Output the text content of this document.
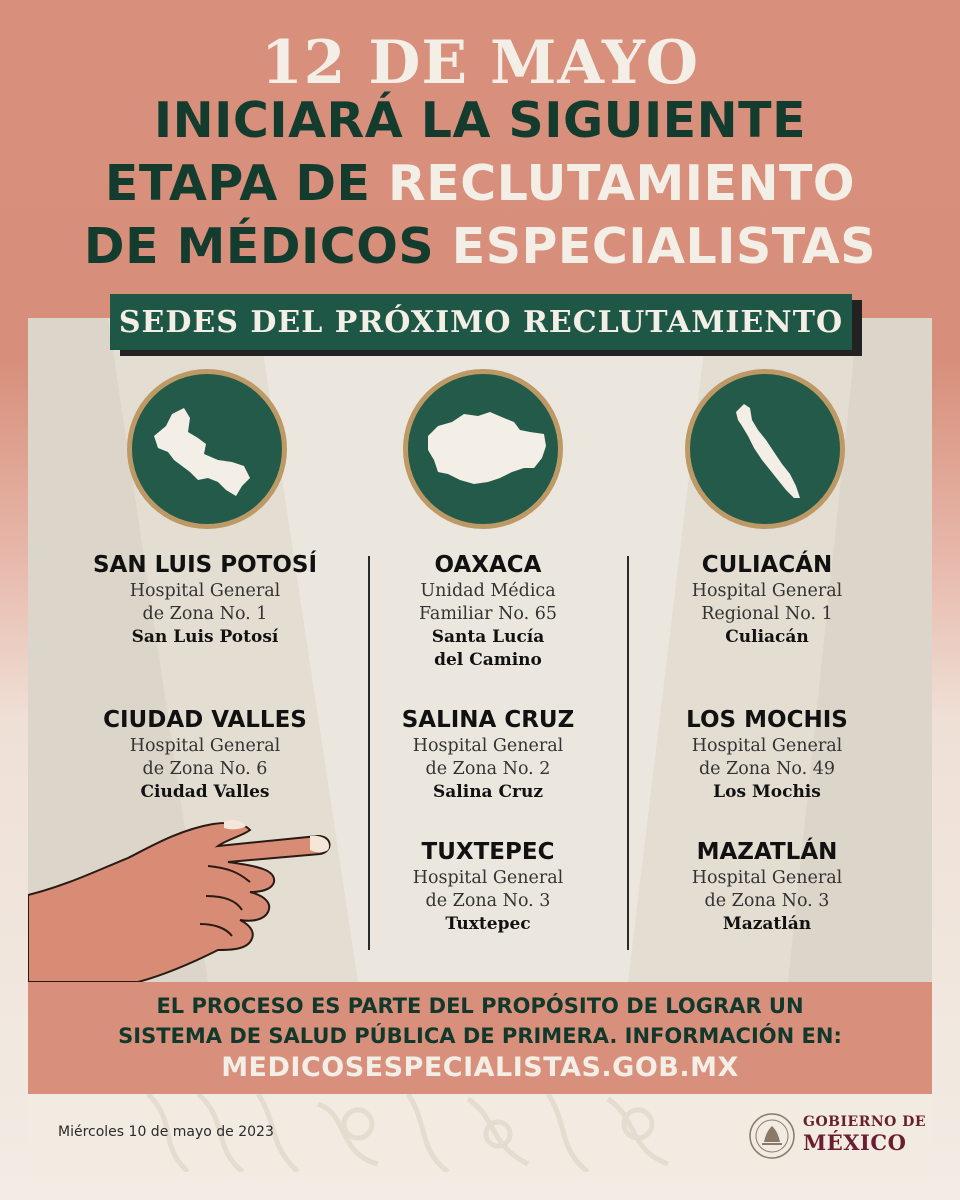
12 DE MAYO
INICIARÁ LA SIGUIENTE
ETAPA DE RECLUTAMIENTO
DE MÉDICOS ESPECIALISTAS
SEDES DEL PRÓXIMO RECLUTAMIENTO
SAN LUIS POTOSÍ
Hospital General
de Zona No. 1
San Luis Potosí
CIUDAD VALLES
Hospital General
de Zona No. 6
Ciudad Valles
OAXACA
Unidad Médica
Familiar No. 65
Santa Lucía
del Camino
SALINA CRUZ
Hospital General
de Zona No. 2
Salina Cruz
TUXTEPEC
Hospital General
de Zona No. 3
Tuxtepec
CULIACÁN
Hospital General
Regional No. 1
Culiacán
LOS MOCHIS
Hospital General
de Zona No. 49
Los Mochis
MAZATLÁN
Hospital General
de Zona No. 3
Mazatlán
EL PROCESO ES PARTE DEL PROPÓSITO DE LOGRAR UN
SISTEMA DE SALUD PÚBLICA DE PRIMERA. INFORMACIÓN EN:
MEDICOSESPECIALISTAS.GOB.MX
Miércoles 10 de mayo de 2023
GOBIERNO DE
MÉXICO
